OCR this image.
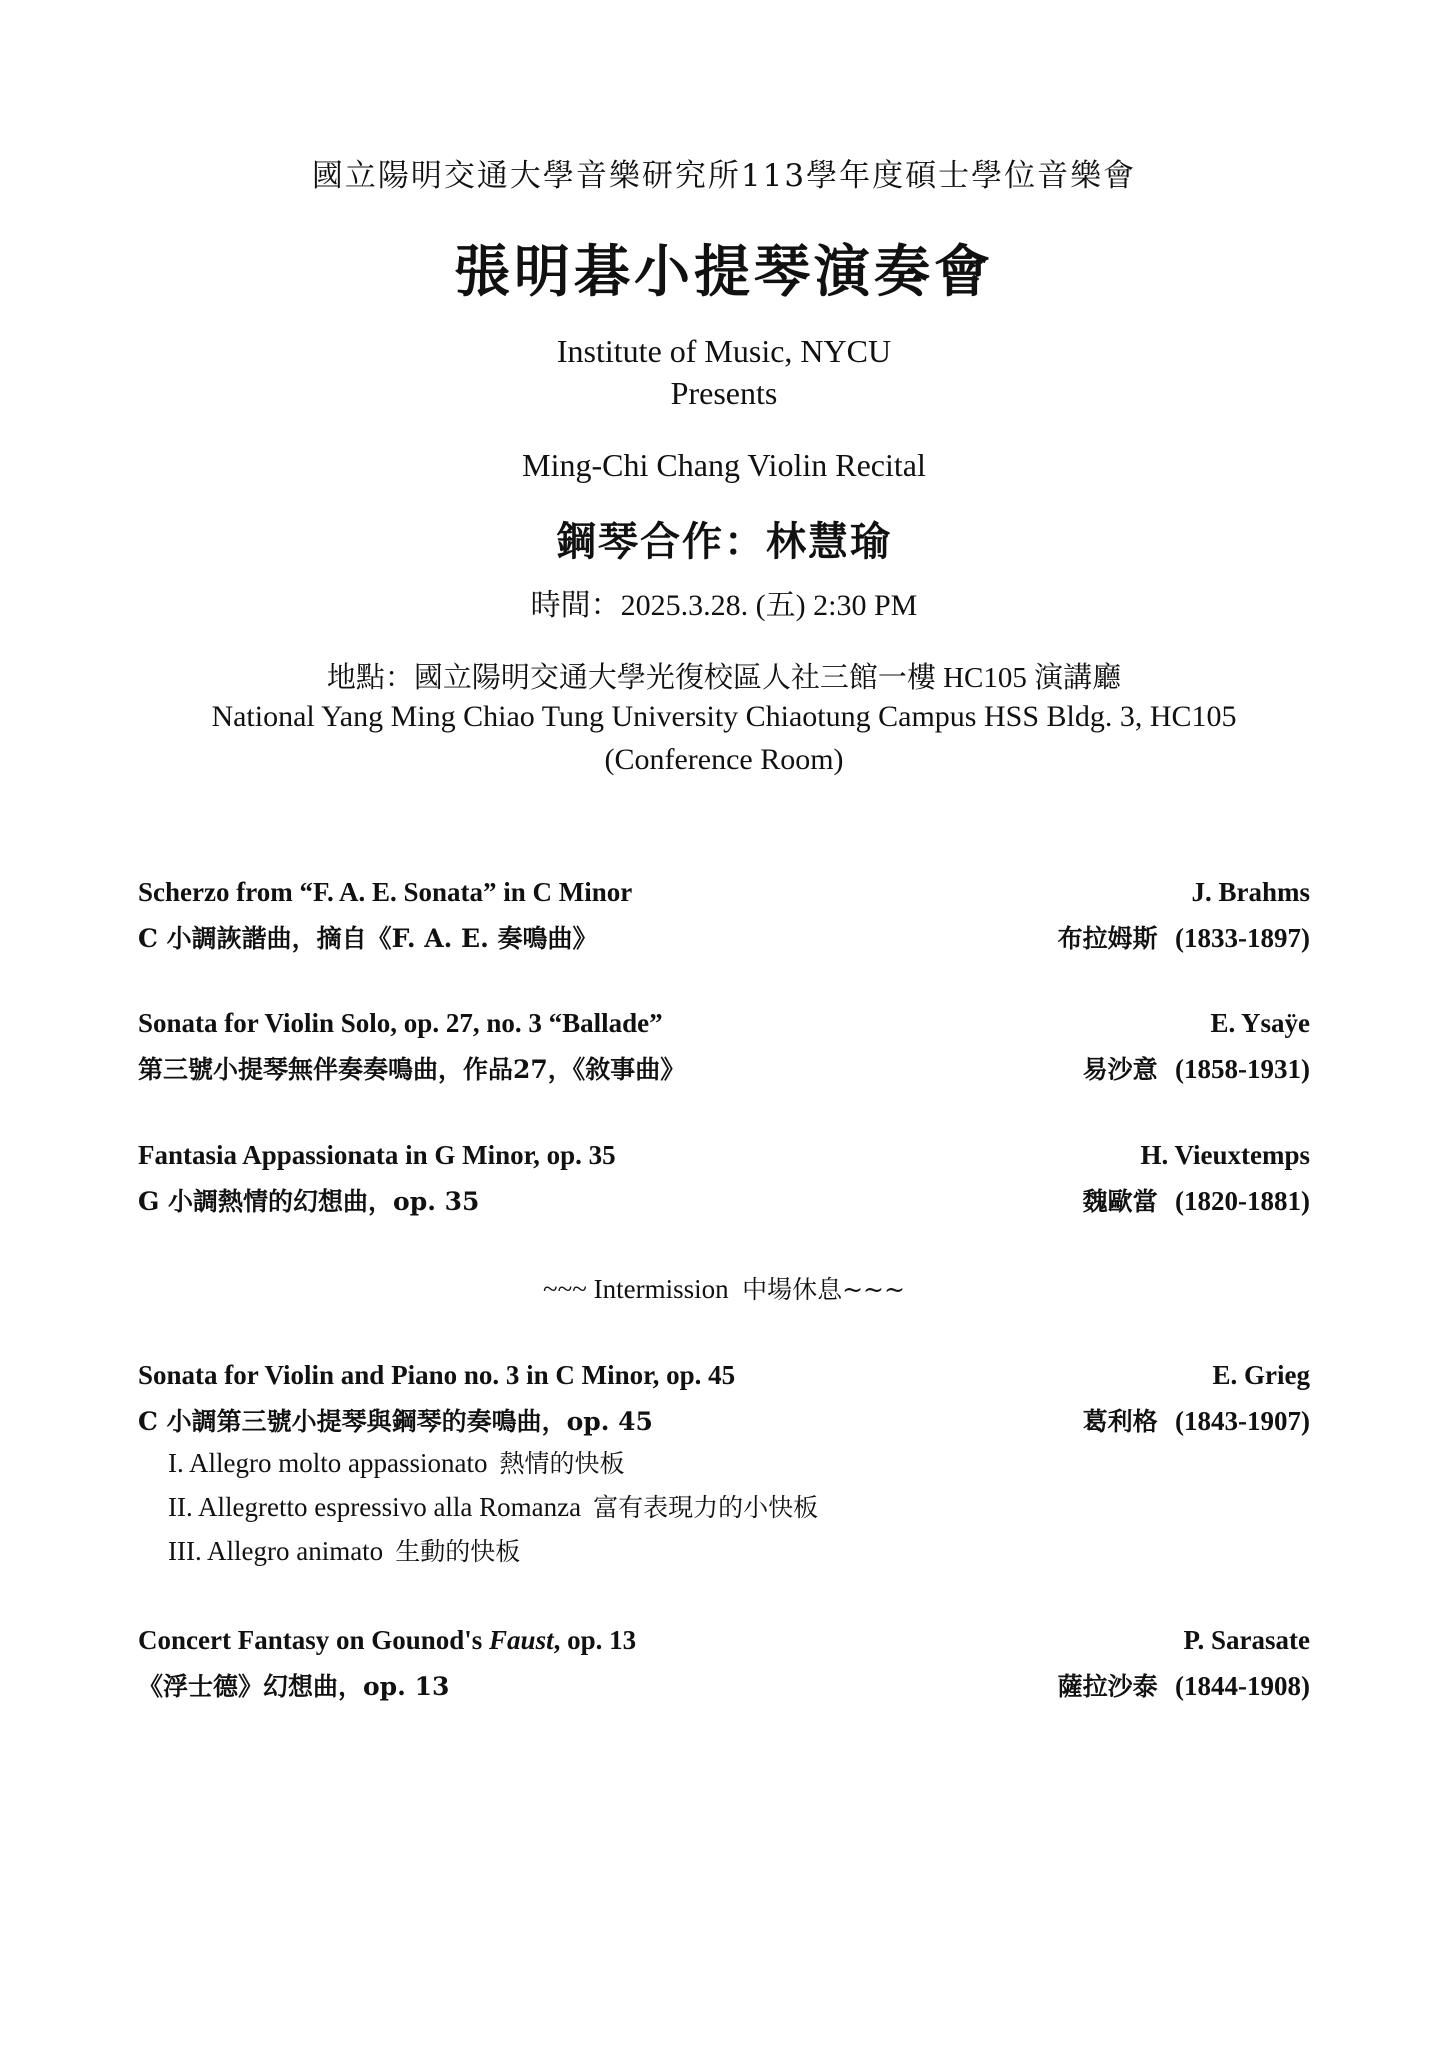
國立陽明交通大學音樂研究所113學年度碩士學位音樂會
張明碁小提琴演奏會
Institute of Music, NYCU
Presents
Ming-Chi Chang Violin Recital
鋼琴合作：林慧瑜
時間：2025.3.28. (五) 2:30 PM
地點：國立陽明交通大學光復校區人社三館一樓 HC105 演講廳
National Yang Ming Chiao Tung University Chiaotung Campus HSS Bldg. 3, HC105
(Conference Room)
Scherzo from “F. A. E. Sonata” in C Minor	J. Brahms
C 小調詼諧曲，摘自《F. A. E. 奏鳴曲》	布拉姆斯 (1833-1897)
Sonata for Violin Solo, op. 27, no. 3 “Ballade”	E. Ysaÿe
第三號小提琴無伴奏奏鳴曲，作品27，《敘事曲》	易沙意 (1858-1931)
Fantasia Appassionata in G Minor, op. 35	H. Vieuxtemps
G 小調熱情的幻想曲，op. 35	魏歐當 (1820-1881)
~~~ Intermission 中場休息~~~
Sonata for Violin and Piano no. 3 in C Minor, op. 45	E. Grieg
C 小調第三號小提琴與鋼琴的奏鳴曲，op. 45	葛利格 (1843-1907)
I. Allegro molto appassionato 熱情的快板
II. Allegretto espressivo alla Romanza 富有表現力的小快板
III. Allegro animato 生動的快板
Concert Fantasy on Gounod's Faust, op. 13	P. Sarasate
《浮士德》幻想曲，op. 13	薩拉沙泰 (1844-1908)
